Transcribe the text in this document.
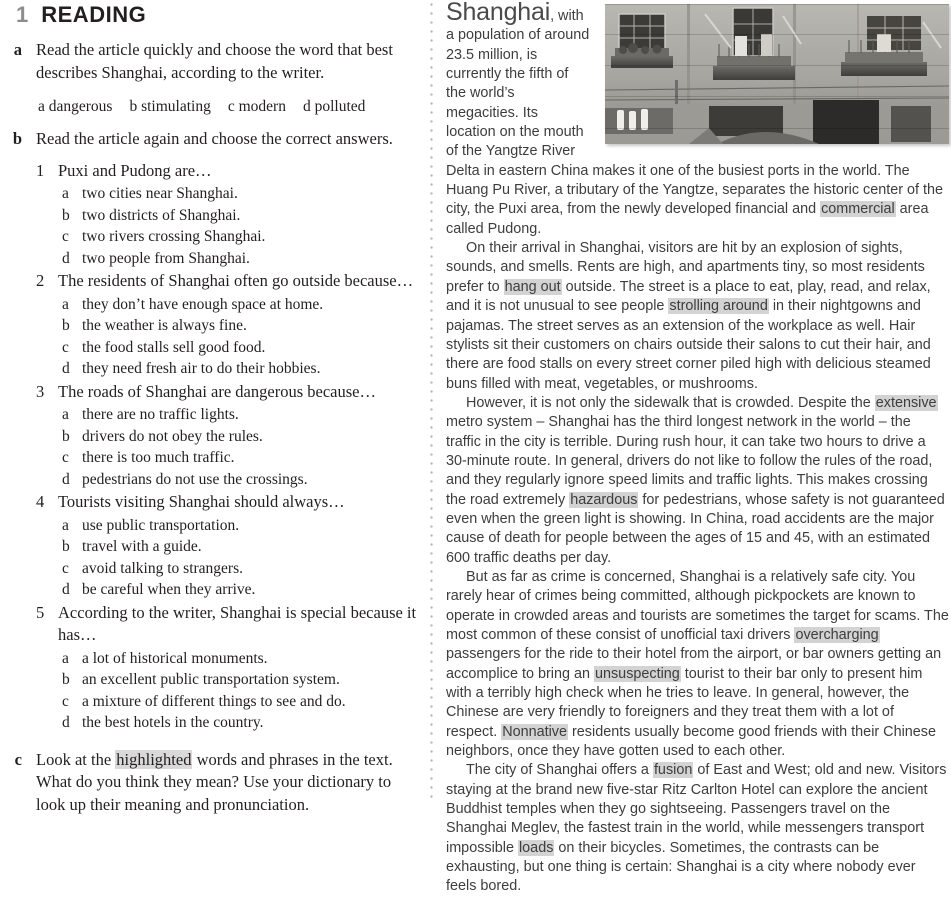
1 READING
a Read the article quickly and choose the word that best describes Shanghai, according to the writer.

a dangerous b stimulating c modern d polluted
b Read the article again and choose the correct answers.

1 Puxi and Pudong are…
a two cities near Shanghai.
b two districts of Shanghai.
c two rivers crossing Shanghai.
d two people from Shanghai.
2 The residents of Shanghai often go outside because…
a they don’t have enough space at home.
b the weather is always fine.
c the food stalls sell good food.
d they need fresh air to do their hobbies.
3 The roads of Shanghai are dangerous because…
a there are no traffic lights.
b drivers do not obey the rules.
c there is too much traffic.
d pedestrians do not use the crossings.
4 Tourists visiting Shanghai should always…
a use public transportation.
b travel with a guide.
c avoid talking to strangers.
d be careful when they arrive.
5 According to the writer, Shanghai is special because it has…
a a lot of historical monuments.
b an excellent public transportation system.
c a mixture of different things to see and do.
d the best hotels in the country.
c Look at the highlighted words and phrases in the text. What do you think they mean? Use your dictionary to look up their meaning and pronunciation.

Shanghai, with a population of around 23.5 million, is currently the fifth of the world’s megacities. Its location on the mouth of the Yangtze River Delta in eastern China makes it one of the busiest ports in the world. The Huang Pu River, a tributary of the Yangtze, separates the historic center of the city, the Puxi area, from the newly developed financial and commercial area called Pudong.

On their arrival in Shanghai, visitors are hit by an explosion of sights, sounds, and smells. Rents are high, and apartments tiny, so most residents prefer to hang out outside. The street is a place to eat, play, read, and relax, and it is not unusual to see people strolling around in their nightgowns and pajamas. The street serves as an extension of the workplace as well. Hair stylists sit their customers on chairs outside their salons to cut their hair, and there are food stalls on every street corner piled high with delicious steamed buns filled with meat, vegetables, or mushrooms.

However, it is not only the sidewalk that is crowded. Despite the extensive metro system – Shanghai has the third longest network in the world – the traffic in the city is terrible. During rush hour, it can take two hours to drive a 30-minute route. In general, drivers do not like to follow the rules of the road, and they regularly ignore speed limits and traffic lights. This makes crossing the road extremely hazardous for pedestrians, whose safety is not guaranteed even when the green light is showing. In China, road accidents are the major cause of death for people between the ages of 15 and 45, with an estimated 600 traffic deaths per day.

But as far as crime is concerned, Shanghai is a relatively safe city. You rarely hear of crimes being committed, although pickpockets are known to operate in crowded areas and tourists are sometimes the target for scams. The most common of these consist of unofficial taxi drivers overcharging passengers for the ride to their hotel from the airport, or bar owners getting an accomplice to bring an unsuspecting tourist to their bar only to present him with a terribly high check when he tries to leave. In general, however, the Chinese are very friendly to foreigners and they treat them with a lot of respect. Nonnative residents usually become good friends with their Chinese neighbors, once they have gotten used to each other.

The city of Shanghai offers a fusion of East and West; old and new. Visitors staying at the brand new five-star Ritz Carlton Hotel can explore the ancient Buddhist temples when they go sightseeing. Passengers travel on the Shanghai Meglev, the fastest train in the world, while messengers transport impossible loads on their bicycles. Sometimes, the contrasts can be exhausting, but one thing is certain: Shanghai is a city where nobody ever feels bored.
